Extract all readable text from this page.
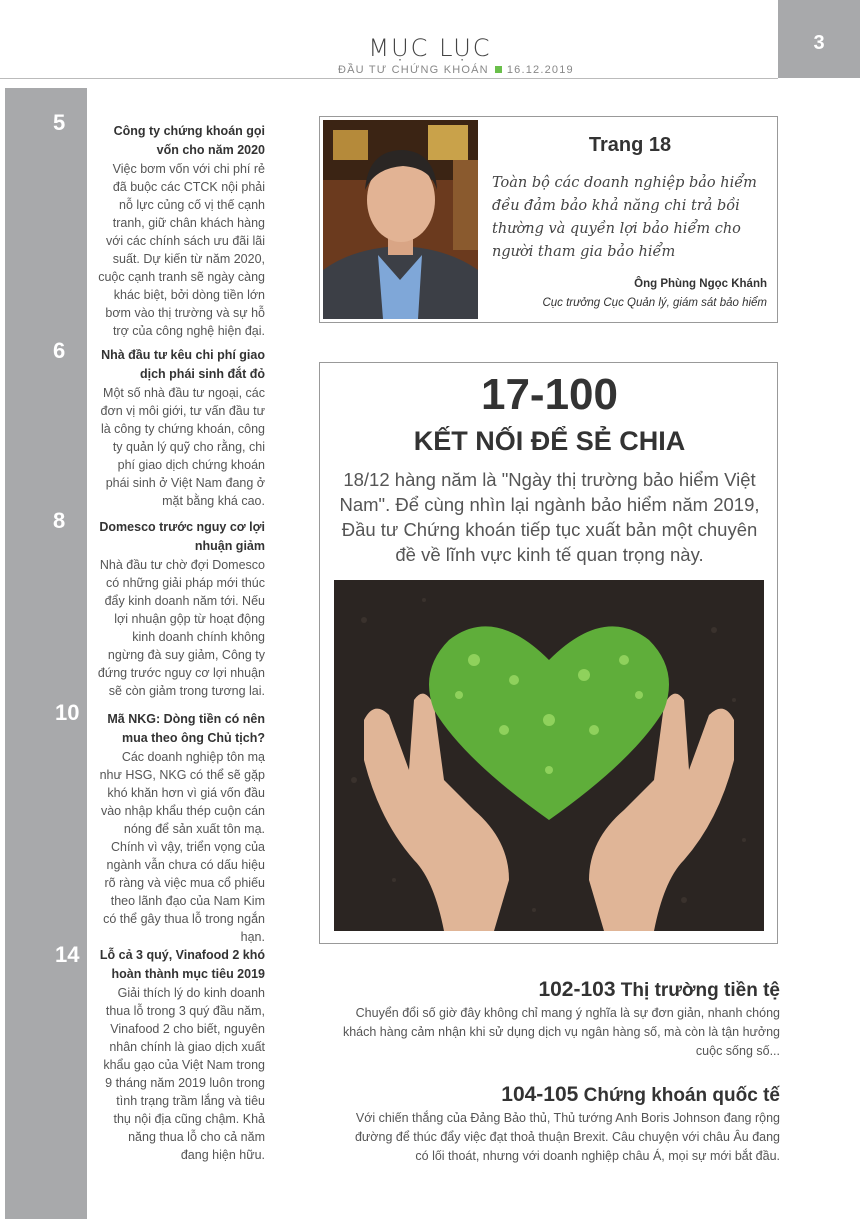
MỤC LỤC
ĐẦU TƯ CHỨNG KHOÁN 16.12.2019
3
5	Công ty chứng khoán gọi vốn cho năm 2020
Việc bơm vốn với chi phí rẻ đã buộc các CTCK nội phải nỗ lực củng cố vị thế cạnh tranh, giữ chân khách hàng với các chính sách ưu đãi lãi suất. Dự kiến từ năm 2020, cuộc cạnh tranh sẽ ngày càng khác biệt, bởi dòng tiền lớn bơm vào thị trường và sự hỗ trợ của công nghệ hiện đại.
6	Nhà đầu tư kêu chi phí giao dịch phái sinh đắt đỏ
Một số nhà đầu tư ngoại, các đơn vị môi giới, tư vấn đầu tư là công ty chứng khoán, công ty quản lý quỹ cho rằng, chi phí giao dịch chứng khoán phái sinh ở Việt Nam đang ở mặt bằng khá cao.
8	Domesco trước nguy cơ lợi nhuận giảm
Nhà đầu tư chờ đợi Domesco có những giải pháp mới thúc đẩy kinh doanh năm tới. Nếu lợi nhuận gộp từ hoạt động kinh doanh chính không ngừng đà suy giảm, Công ty đứng trước nguy cơ lợi nhuận sẽ còn giảm trong tương lai.
10	Mã NKG: Dòng tiền có nên mua theo ông Chủ tịch?
Các doanh nghiệp tôn mạ như HSG, NKG có thể sẽ gặp khó khăn hơn vì giá vốn đầu vào nhập khẩu thép cuộn cán nóng để sản xuất tôn mạ. Chính vì vậy, triển vọng của ngành vẫn chưa có dấu hiệu rõ ràng và việc mua cổ phiếu theo lãnh đạo của Nam Kim có thể gây thua lỗ trong ngắn hạn.
14 Lỗ cả 3 quý, Vinafood 2 khó hoàn thành mục tiêu 2019
Giải thích lý do kinh doanh thua lỗ trong 3 quý đầu năm, Vinafood 2 cho biết, nguyên nhân chính là giao dịch xuất khẩu gạo của Việt Nam trong 9 tháng năm 2019 luôn trong tình trạng trầm lắng và tiêu thụ nội địa cũng chậm. Khả năng thua lỗ cho cả năm đang hiện hữu.
Trang 18
Toàn bộ các doanh nghiệp bảo hiểm đều đảm bảo khả năng chi trả bồi thường và quyền lợi bảo hiểm cho người tham gia bảo hiểm
Ông Phùng Ngọc Khánh
Cục trưởng Cục Quản lý, giám sát bảo hiểm
17-100
KẾT NỐI ĐỂ SẺ CHIA
18/12 hàng năm là "Ngày thị trường bảo hiểm Việt Nam". Để cùng nhìn lại ngành bảo hiểm năm 2019, Đầu tư Chứng khoán tiếp tục xuất bản một chuyên đề về lĩnh vực kinh tế quan trọng này.
102-103 Thị trường tiền tệ
Chuyển đổi số giờ đây không chỉ mang ý nghĩa là sự đơn giản, nhanh chóng khách hàng cảm nhận khi sử dụng dịch vụ ngân hàng số, mà còn là tận hưởng cuộc sống số...
104-105 Chứng khoán quốc tế
Với chiến thắng của Đảng Bảo thủ, Thủ tướng Anh Boris Johnson đang rộng đường để thúc đẩy việc đạt thoả thuận Brexit. Câu chuyện với châu Âu đang có lối thoát, nhưng với doanh nghiệp châu Á, mọi sự mới bắt đầu.
